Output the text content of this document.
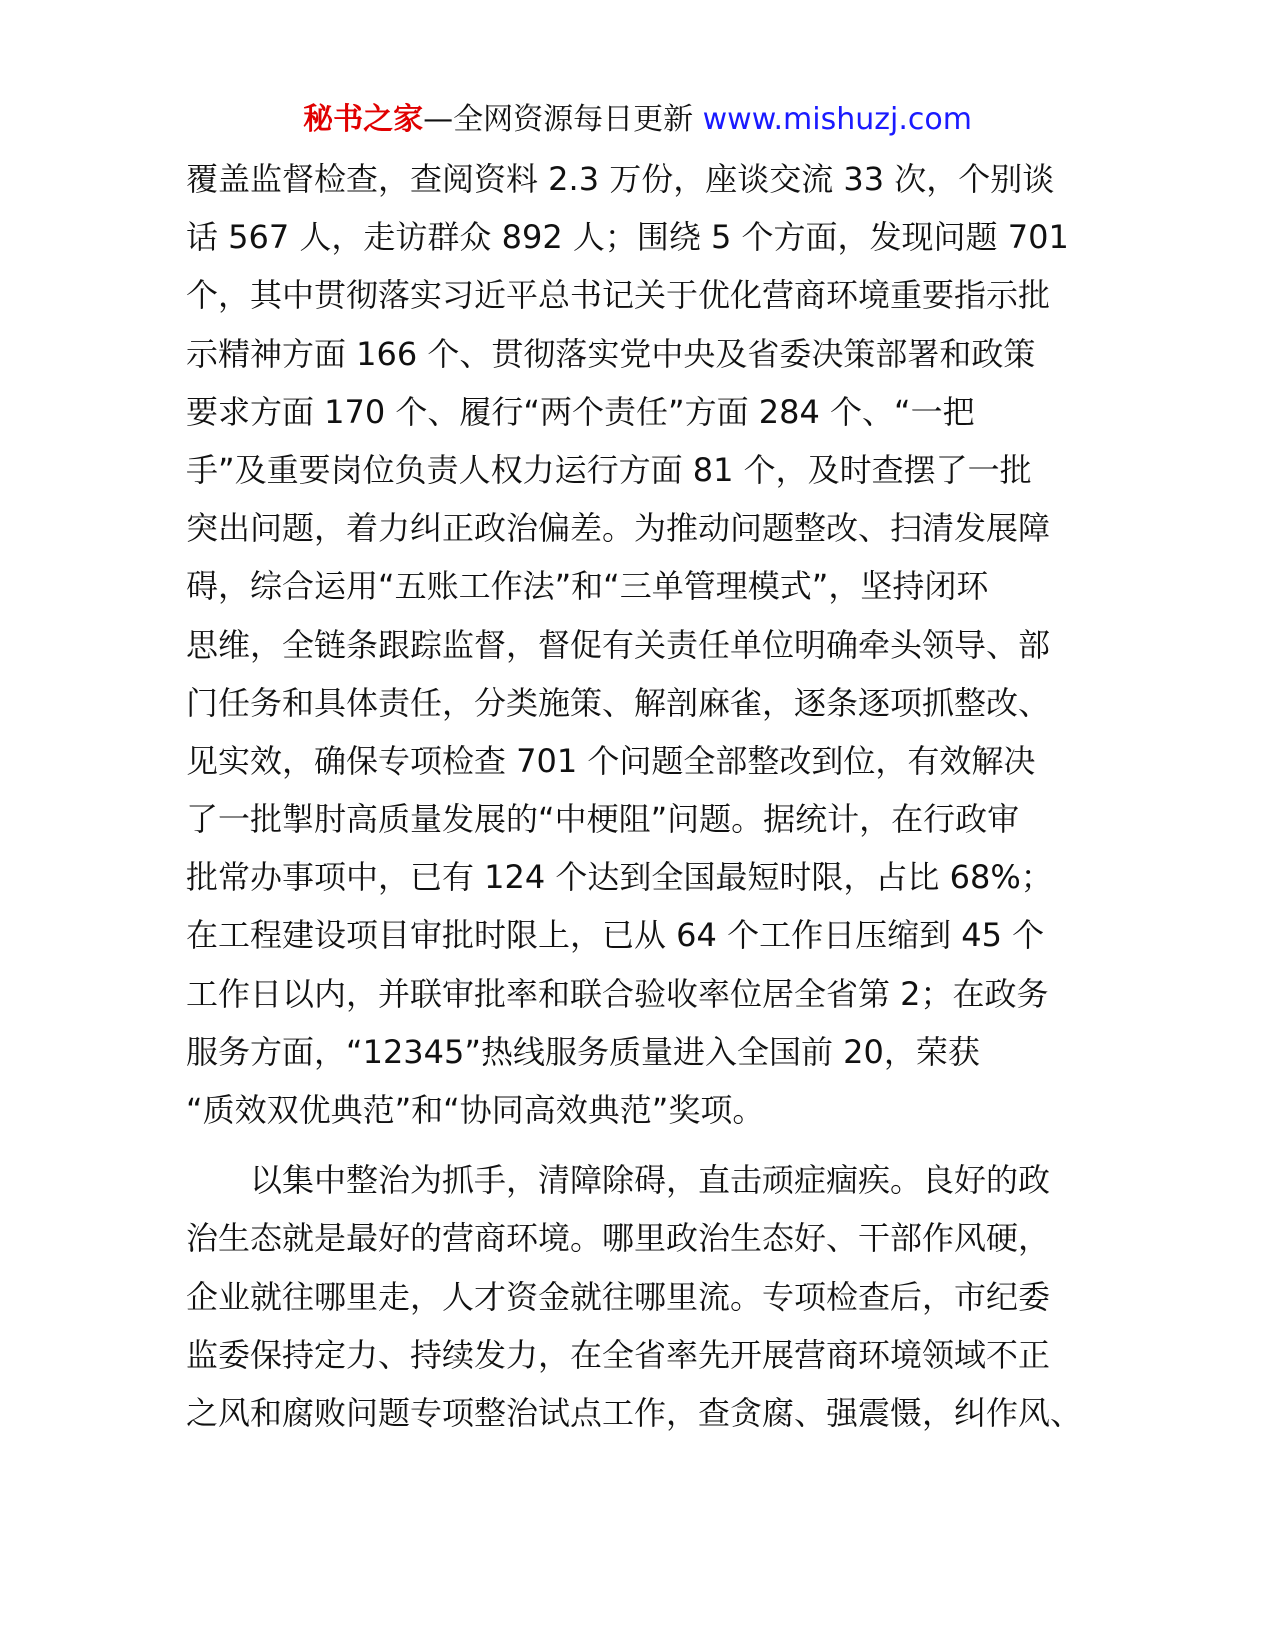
秘书之家—全网资源每日更新 www.mishuzj.com
覆盖监督检查，查阅资料 2.3 万份，座谈交流 33 次，个别谈
话 567 人，走访群众 892 人；围绕 5 个方面，发现问题 701
个，其中贯彻落实习近平总书记关于优化营商环境重要指示批
示精神方面 166 个、贯彻落实党中央及省委决策部署和政策
要求方面 170 个、履行“两个责任”方面 284 个、“一把
手”及重要岗位负责人权力运行方面 81 个，及时查摆了一批
突出问题，着力纠正政治偏差。为推动问题整改、扫清发展障
碍，综合运用“五账工作法”和“三单管理模式”，坚持闭环
思维，全链条跟踪监督，督促有关责任单位明确牵头领导、部
门任务和具体责任，分类施策、解剖麻雀，逐条逐项抓整改、
见实效，确保专项检查 701 个问题全部整改到位，有效解决
了一批掣肘高质量发展的“中梗阻”问题。据统计，在行政审
批常办事项中，已有 124 个达到全国最短时限，占比 68%；
在工程建设项目审批时限上，已从 64 个工作日压缩到 45 个
工作日以内，并联审批率和联合验收率位居全省第 2；在政务
服务方面，“12345”热线服务质量进入全国前 20，荣获
“质效双优典范”和“协同高效典范”奖项。
　　以集中整治为抓手，清障除碍，直击顽症痼疾。良好的政
治生态就是最好的营商环境。哪里政治生态好、干部作风硬，
企业就往哪里走，人才资金就往哪里流。专项检查后，市纪委
监委保持定力、持续发力，在全省率先开展营商环境领域不正
之风和腐败问题专项整治试点工作，查贪腐、强震慑，纠作风、
